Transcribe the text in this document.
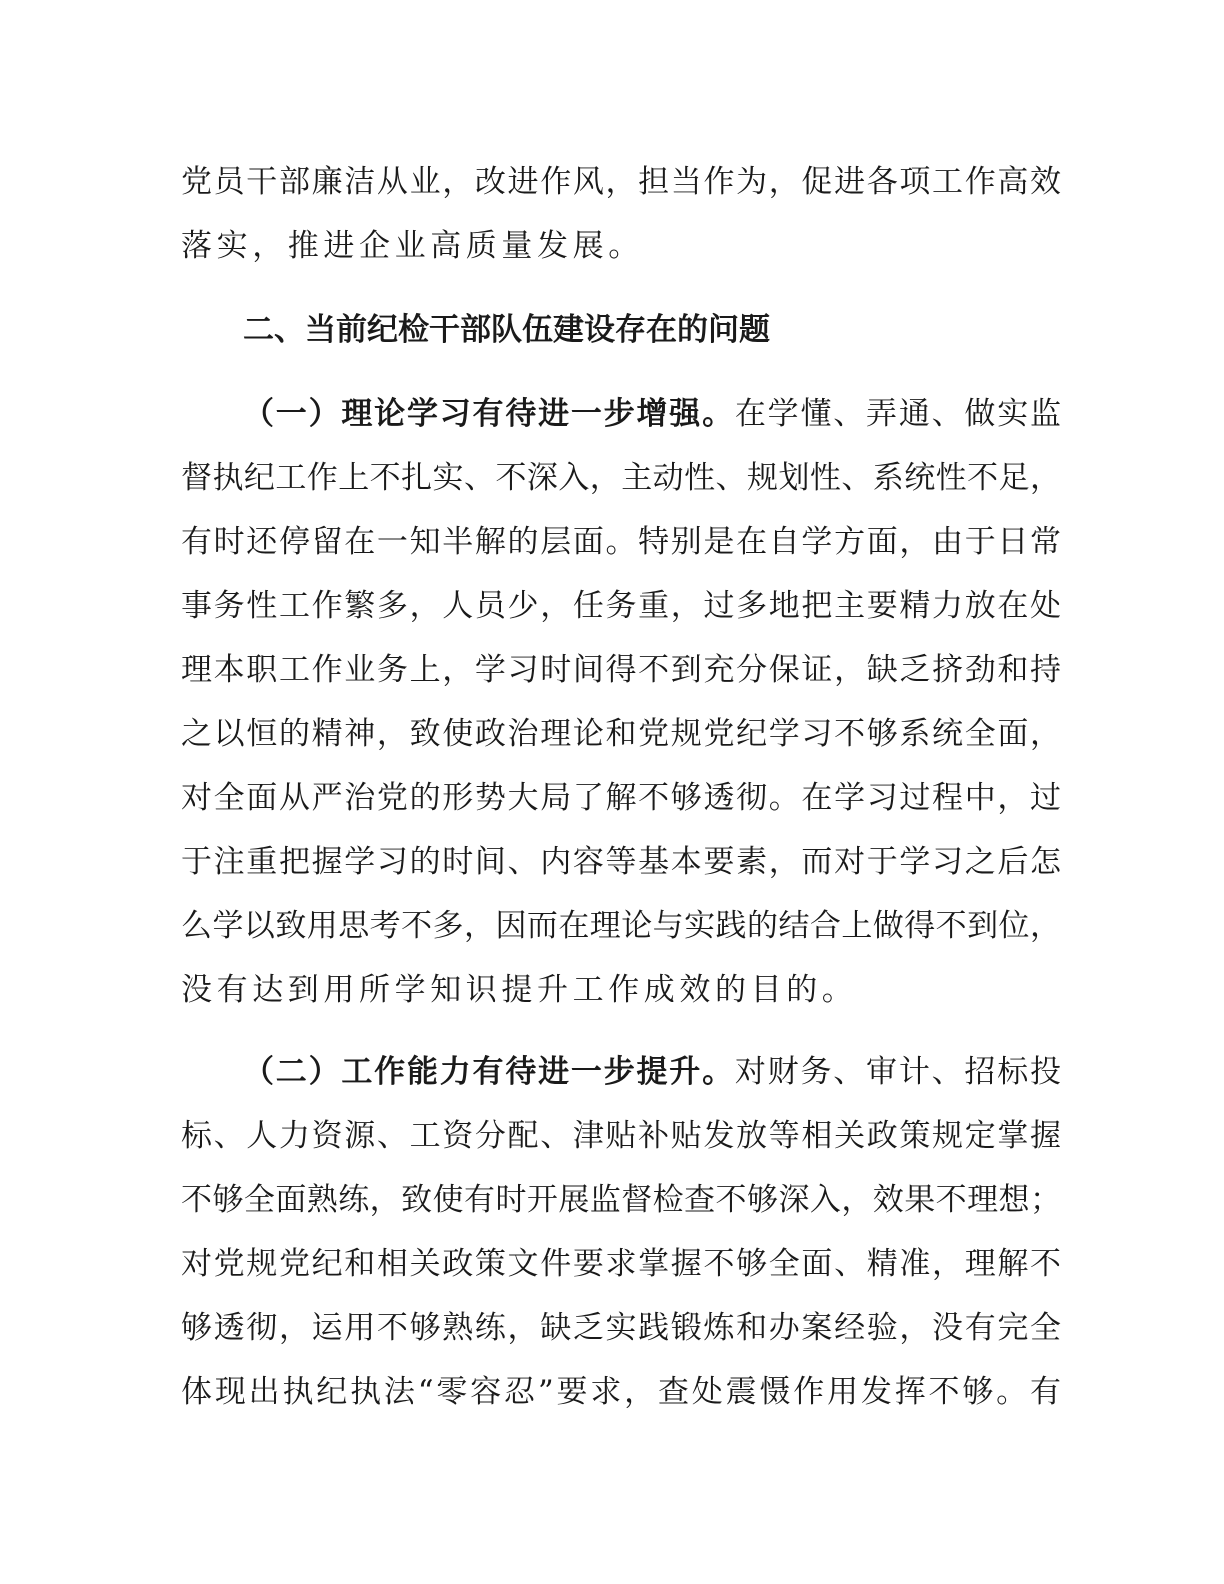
党员干部廉洁从业，改进作风，担当作为，促进各项工作高效
落实，推进企业高质量发展。
二、当前纪检干部队伍建设存在的问题
（一）理论学习有待进一步增强。在学懂、弄通、做实监
督执纪工作上不扎实、不深入，主动性、规划性、系统性不足，
有时还停留在一知半解的层面。特别是在自学方面，由于日常
事务性工作繁多，人员少，任务重，过多地把主要精力放在处
理本职工作业务上，学习时间得不到充分保证，缺乏挤劲和持
之以恒的精神，致使政治理论和党规党纪学习不够系统全面，
对全面从严治党的形势大局了解不够透彻。在学习过程中，过
于注重把握学习的时间、内容等基本要素，而对于学习之后怎
么学以致用思考不多，因而在理论与实践的结合上做得不到位，
没有达到用所学知识提升工作成效的目的。
（二）工作能力有待进一步提升。对财务、审计、招标投
标、人力资源、工资分配、津贴补贴发放等相关政策规定掌握
不够全面熟练，致使有时开展监督检查不够深入，效果不理想；
对党规党纪和相关政策文件要求掌握不够全面、精准，理解不
够透彻，运用不够熟练，缺乏实践锻炼和办案经验，没有完全
体现出执纪执法“零容忍”要求，查处震慑作用发挥不够。有
